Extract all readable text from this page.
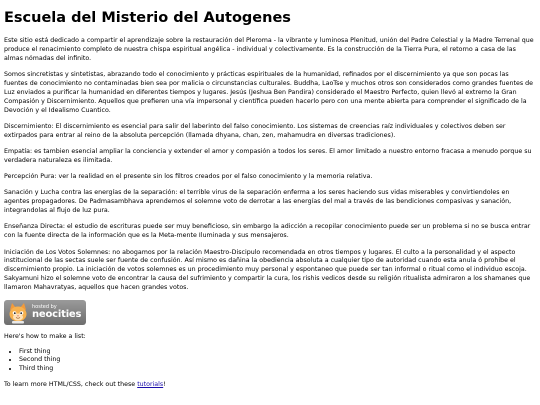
Escuela del Misterio del Autogenes

Este sitio está dedicado a compartir el aprendizaje sobre la restauración del Pleroma - la vibrante y luminosa Plenitud, unión del Padre Celestial y la Madre Terrenal que produce el renacimiento completo de nuestra chispa espiritual angélica - individual y colectivamente. Es la construcción de la Tierra Pura, el retorno a casa de las almas nómadas del infinito.

Somos sincretistas y sintetistas, abrazando todo el conocimiento y prácticas espirituales de la humanidad, refinados por el discernimiento ya que son pocas las fuentes de conocimiento no contaminadas bien sea por malicia o circunstancias culturales. Buddha, LaoTse y muchos otros son considerados como grandes fuentes de Luz enviados a purificar la humanidad en diferentes tiempos y lugares. Jesús (Jeshua Ben Pandira) considerado el Maestro Perfecto, quien llevó al extremo la Gran Compasión y Discernimiento. Aquellos que prefieren una vía impersonal y científica pueden hacerlo pero con una mente abierta para comprender el significado de la Devoción y el Idealismo Cuantico.

Discernimiento: El discernimiento es esencial para salir del laberinto del falso conocimiento. Los sistemas de creencias raíz individuales y colectivos deben ser extirpados para entrar al reino de la absoluta percepción (llamada dhyana, chan, zen, mahamudra en diversas tradiciones).

Empatía: es tambien esencial ampliar la conciencia y extender el amor y compasión a todos los seres. El amor limitado a nuestro entorno fracasa a menudo porque su verdadera naturaleza es ilimitada.

Percepción Pura: ver la realidad en el presente sin los filtros creados por el falso conocimiento y la memoria relativa.

Sanación y Lucha contra las energías de la separación: el terrible virus de la separación enferma a los seres haciendo sus vidas miserables y convirtiendoles en agentes propagadores. De Padmasambhava aprendemos el solemne voto de derrotar a las energías del mal a través de las bendiciones compasivas y sanación, integrandolas al flujo de luz pura.

Enseñanza Directa: el estudio de escrituras puede ser muy beneficioso, sin embargo la adicción a recopilar conocimiento puede ser un problema si no se busca entrar con la fuente directa de la información que es la Meta-mente Iluminada y sus mensajeros.

Iniciación de Los Votos Solemnes: no abogamos por la relación Maestro-Discipulo recomendada en otros tiempos y lugares. El culto a la personalidad y el aspecto institucional de las sectas suele ser fuente de confusión. Así mismo es dañina la obediencia absoluta a cualquier tipo de autoridad cuando esta anula ó prohibe el discernimiento propio. La iniciación de votos solemnes es un procedimiento muy personal y espontaneo que puede ser tan informal o ritual como el individuo escoja. Sakyamuni hizo el solemne voto de encontrar la causa del sufrimiento y compartir la cura, los rishis vedicos desde su religión ritualista admiraron a los shamanes que llamaron Mahavratyas, aquellos que hacen grandes votos.

hosted by
neocities

Here's how to make a list:

• First thing
• Second thing
• Third thing

To learn more HTML/CSS, check out these tutorials!
